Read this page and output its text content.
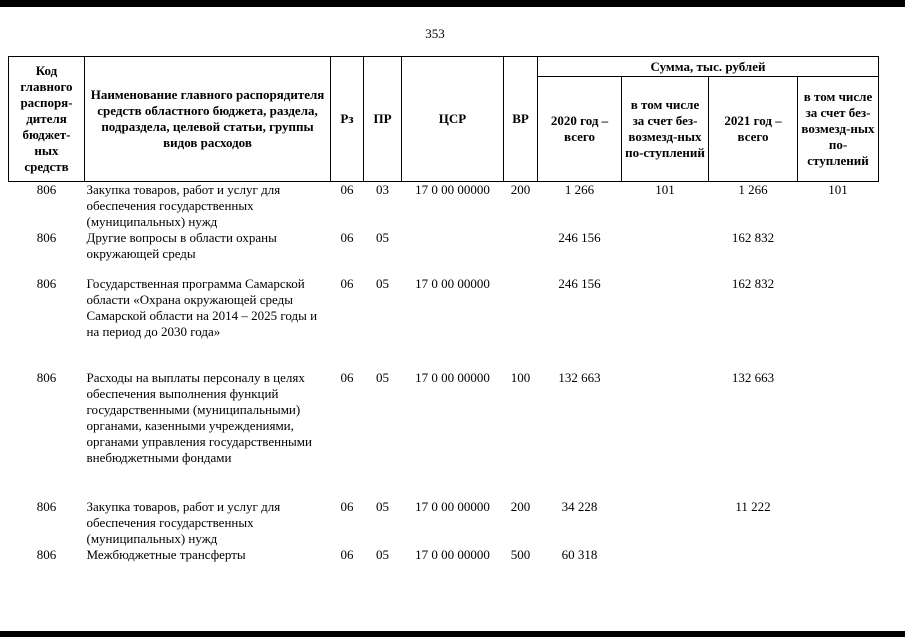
353
Код главного распоря-дителя бюджет-ных средств	Наименование главного распорядителя средств областного бюджета, раздела, подраздела, целевой статьи, группы видов расходов	Рз	ПР	ЦСР	ВР	Сумма, тыс. рублей			
						2020 год – всего	в том числе за счет без-возмезд-ных по-ступлений	2021 год – всего	в том числе за счет без-возмезд-ных по-ступлений
806	Закупка товаров, работ и услуг для обеспечения государственных (муниципальных) нужд	06	03	17 0 00 00000	200	1 266	101	1 266	101
806	Другие вопросы в области охраны окружающей среды	06	05			246 156		162 832	
806	Государственная программа Самарской области «Охрана окружающей среды Самарской области на 2014 – 2025 годы и на период до 2030 года»	06	05	17 0 00 00000		246 156		162 832	
806	Расходы на выплаты персоналу в целях обеспечения выполнения функций государственными (муниципальными) органами, казенными учреждениями, органами управления государственными внебюджетными фондами	06	05	17 0 00 00000	100	132 663		132 663	
806	Закупка товаров, работ и услуг для обеспечения государственных (муниципальных) нужд	06	05	17 0 00 00000	200	34 228		11 222	
806	Межбюджетные трансферты	06	05	17 0 00 00000	500	60 318			
